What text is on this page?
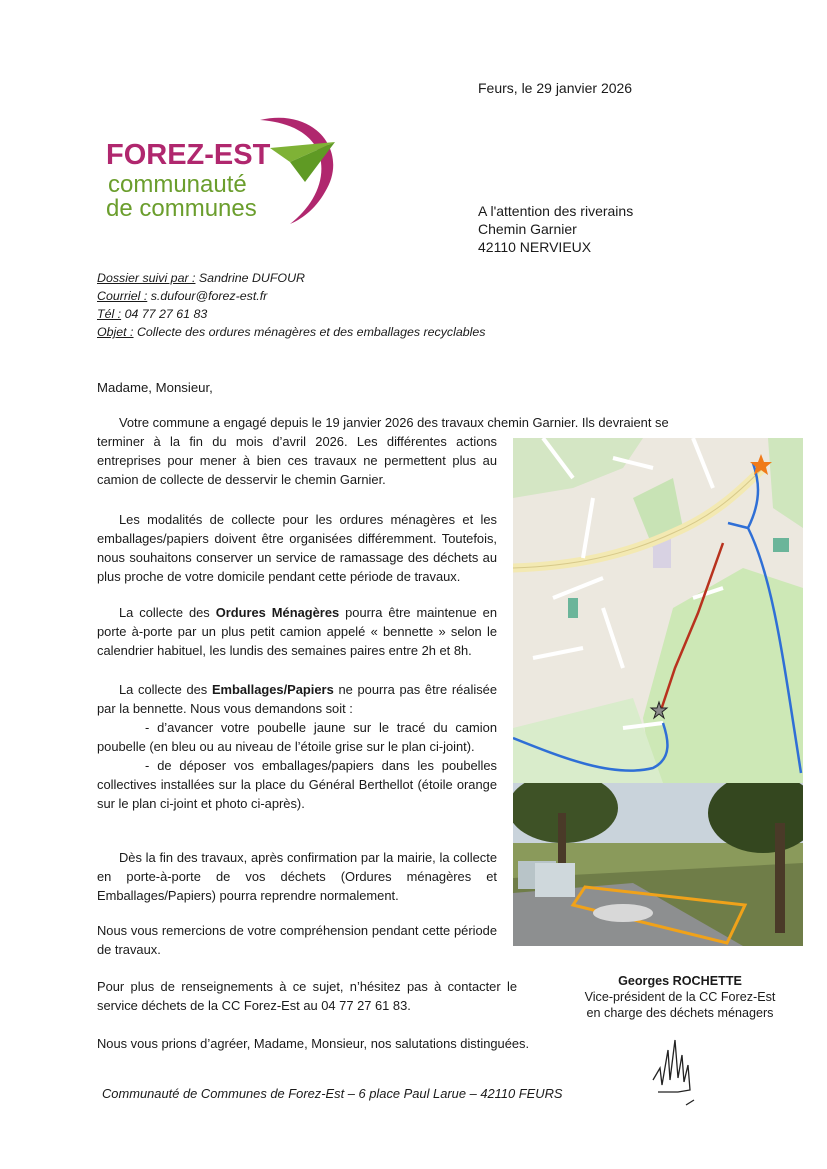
FOREZ-EST
communauté
de communes
Feurs, le 29 janvier 2026
A l'attention des riverains
Chemin Garnier
42110 NERVIEUX
Dossier suivi par : Sandrine DUFOUR
Courriel : s.dufour@forez-est.fr
Tél : 04 77 27 61 83
Objet : Collecte des ordures ménagères et des emballages recyclables
Madame, Monsieur,
Votre commune a engagé depuis le 19 janvier 2026 des travaux chemin Garnier. Ils devraient se
terminer à la fin du mois d’avril 2026. Les différentes actions entreprises pour mener à bien ces travaux ne permettent plus au camion de collecte de desservir le chemin Garnier.
Les modalités de collecte pour les ordures ménagères et les emballages/papiers doivent être organisées différemment. Toutefois, nous souhaitons conserver un service de ramassage des déchets au plus proche de votre domicile pendant cette période de travaux.
La collecte des Ordures Ménagères pourra être maintenue en porte à-porte par un plus petit camion appelé « bennette » selon le calendrier habituel, les lundis des semaines paires entre 2h et 8h.
La collecte des Emballages/Papiers ne pourra pas être réalisée par la bennette. Nous vous demandons soit :
- d’avancer votre poubelle jaune sur le tracé du camion poubelle (en bleu ou au niveau de l’étoile grise sur le plan ci-joint).
- de déposer vos emballages/papiers dans les poubelles collectives installées sur la place du Général Berthellot (étoile orange sur le plan ci-joint et photo ci-après).
Dès la fin des travaux, après confirmation par la mairie, la collecte en porte-à-porte de vos déchets (Ordures ménagères et Emballages/Papiers) pourra reprendre normalement.
Nous vous remercions de votre compréhension pendant cette période de travaux.
Pour plus de renseignements à ce sujet, n’hésitez pas à contacter le service déchets de la CC Forez-Est au 04 77 27 61 83.
Nous vous prions d’agréer, Madame, Monsieur, nos salutations distinguées.
Georges ROCHETTE
Vice-président de la CC Forez-Est
en charge des déchets ménagers
Communauté de Communes de Forez-Est – 6 place Paul Larue – 42110 FEURS
